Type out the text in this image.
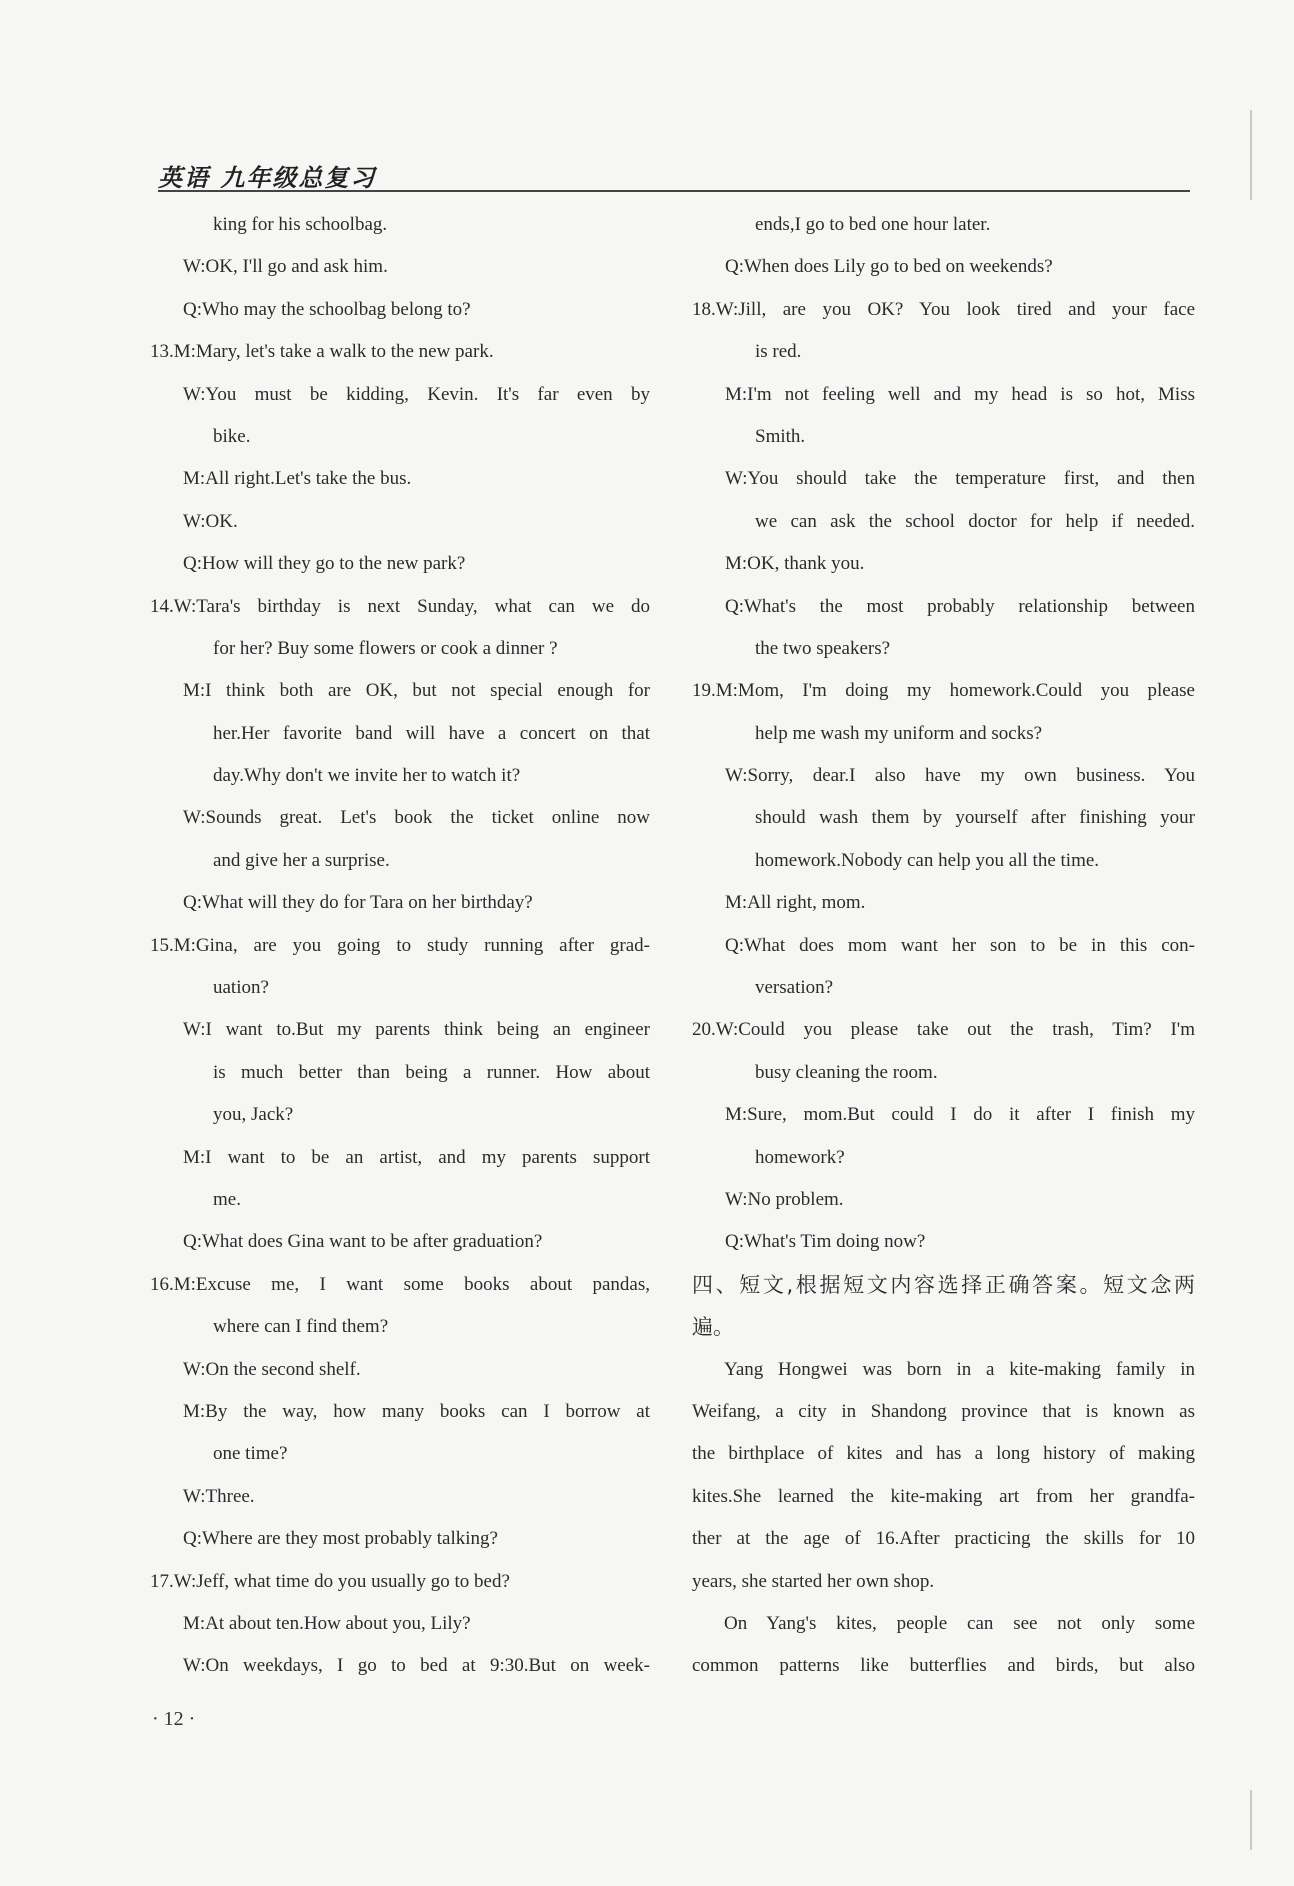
英语 九年级总复习
king for his schoolbag.
W:OK, I'll go and ask him.
Q:Who may the schoolbag belong to?
13.M:Mary, let's take a walk to the new park.
W:You must be kidding, Kevin. It's far even by
bike.
M:All right.Let's take the bus.
W:OK.
Q:How will they go to the new park?
14.W:Tara's birthday is next Sunday, what can we do
for her? Buy some flowers or cook a dinner ?
M:I think both are OK, but not special enough for
her.Her favorite band will have a concert on that
day.Why don't we invite her to watch it?
W:Sounds great. Let's book the ticket online now
and give her a surprise.
Q:What will they do for Tara on her birthday?
15.M:Gina, are you going to study running after grad-
uation?
W:I want to.But my parents think being an engineer
is much better than being a runner. How about
you, Jack?
M:I want to be an artist, and my parents support
me.
Q:What does Gina want to be after graduation?
16.M:Excuse me, I want some books about pandas,
where can I find them?
W:On the second shelf.
M:By the way, how many books can I borrow at
one time?
W:Three.
Q:Where are they most probably talking?
17.W:Jeff, what time do you usually go to bed?
M:At about ten.How about you, Lily?
W:On weekdays, I go to bed at 9:30.But on week-
ends,I go to bed one hour later.
Q:When does Lily go to bed on weekends?
18.W:Jill, are you OK? You look tired and your face
is red.
M:I'm not feeling well and my head is so hot, Miss
Smith.
W:You should take the temperature first, and then
we can ask the school doctor for help if needed.
M:OK, thank you.
Q:What's the most probably relationship between
the two speakers?
19.M:Mom, I'm doing my homework.Could you please
help me wash my uniform and socks?
W:Sorry, dear.I also have my own business. You
should wash them by yourself after finishing your
homework.Nobody can help you all the time.
M:All right, mom.
Q:What does mom want her son to be in this con-
versation?
20.W:Could you please take out the trash, Tim? I'm
busy cleaning the room.
M:Sure, mom.But could I do it after I finish my
homework?
W:No problem.
Q:What's Tim doing now?
四、短文,根据短文内容选择正确答案。短文念两
遍。
Yang Hongwei was born in a kite-making family in
Weifang, a city in Shandong province that is known as
the birthplace of kites and has a long history of making
kites.She learned the kite-making art from her grandfa-
ther at the age of 16.After practicing the skills for 10
years, she started her own shop.
On Yang's kites, people can see not only some
common patterns like butterflies and birds, but also
· 12 ·
